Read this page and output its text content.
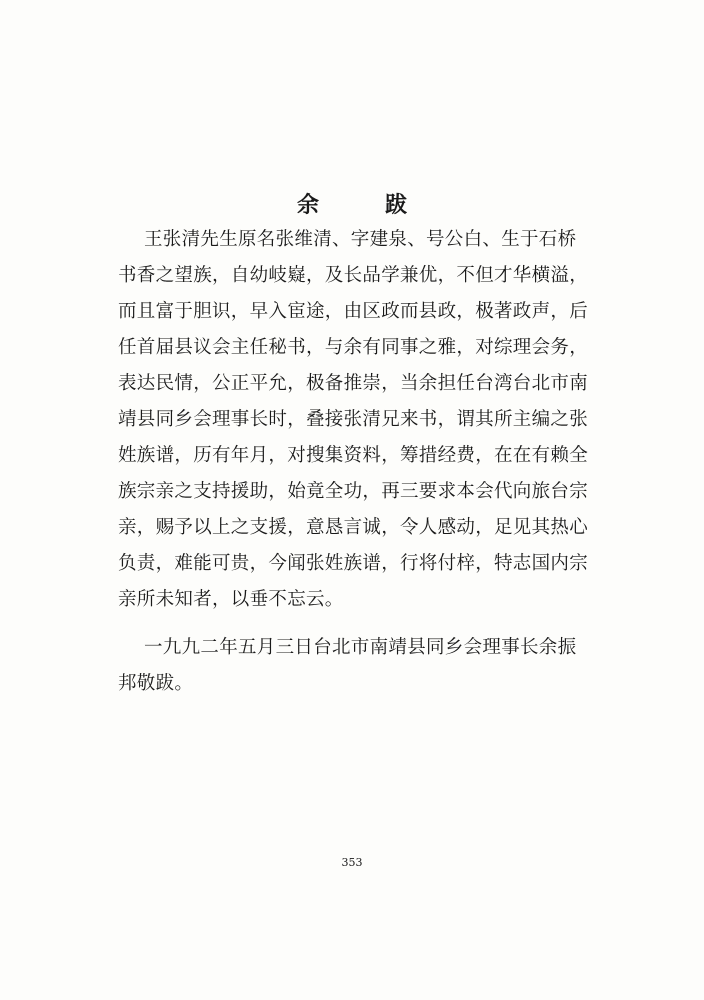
余　跋
王张清先生原名张维清、字建泉、号公白、生于石桥
书香之望族，自幼岐嶷，及长品学兼优，不但才华横溢，
而且富于胆识，早入宦途，由区政而县政，极著政声，后
任首届县议会主任秘书，与余有同事之雅，对综理会务，
表达民情，公正平允，极备推崇，当余担任台湾台北市南
靖县同乡会理事长时，叠接张清兄来书，谓其所主编之张
姓族谱，历有年月，对搜集资料，筹措经费，在在有赖全
族宗亲之支持援助，始竟全功，再三要求本会代向旅台宗
亲，赐予以上之支援，意恳言诚，令人感动，足见其热心
负责，难能可贵，今闻张姓族谱，行将付梓，特志国内宗
亲所未知者，以垂不忘云。
一九九二年五月三日台北市南靖县同乡会理事长余振
邦敬跋。
353
